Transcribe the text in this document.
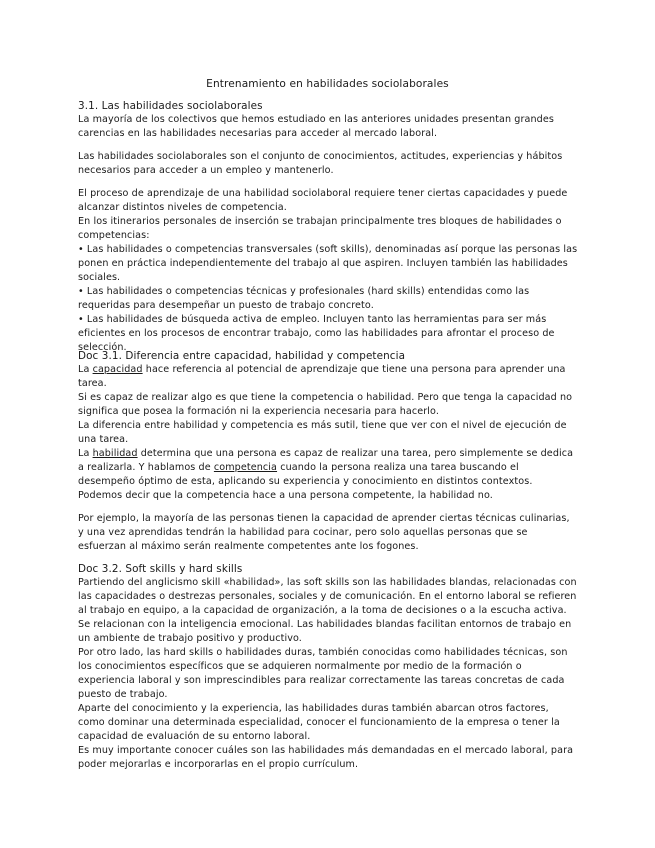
Entrenamiento en habilidades sociolaborales
3.1. Las habilidades sociolaborales

La mayoría de los colectivos que hemos estudiado en las anteriores unidades presentan grandes carencias en las habilidades necesarias para acceder al mercado laboral.

Las habilidades sociolaborales son el conjunto de conocimientos, actitudes, experiencias y hábitos necesarios para acceder a un empleo y mantenerlo.

El proceso de aprendizaje de una habilidad sociolaboral requiere tener ciertas capacidades y puede alcanzar distintos niveles de competencia.

En los itinerarios personales de inserción se trabajan principalmente tres bloques de habilidades o competencias:

• Las habilidades o competencias transversales (soft skills), denominadas así porque las personas las ponen en práctica independientemente del trabajo al que aspiren. Incluyen también las habilidades sociales.

• Las habilidades o competencias técnicas y profesionales (hard skills) entendidas como las requeridas para desempeñar un puesto de trabajo concreto.

• Las habilidades de búsqueda activa de empleo. Incluyen tanto las herramientas para ser más eficientes en los procesos de encontrar trabajo, como las habilidades para afrontar el proceso de selección.

Doc 3.1. Diferencia entre capacidad, habilidad y competencia

La capacidad hace referencia al potencial de aprendizaje que tiene una persona para aprender una tarea.

Si es capaz de realizar algo es que tiene la competencia o habilidad. Pero que tenga la capacidad no significa que posea la formación ni la experiencia necesaria para hacerlo.

La diferencia entre habilidad y competencia es más sutil, tiene que ver con el nivel de ejecución de una tarea.

La habilidad determina que una persona es capaz de realizar una tarea, pero simplemente se dedica a realizarla. Y hablamos de competencia cuando la persona realiza una tarea buscando el desempeño óptimo de esta, aplicando su experiencia y conocimiento en distintos contextos.

Podemos decir que la competencia hace a una persona competente, la habilidad no.

Por ejemplo, la mayoría de las personas tienen la capacidad de aprender ciertas técnicas culinarias, y una vez aprendidas tendrán la habilidad para cocinar, pero solo aquellas personas que se esfuerzan al máximo serán realmente competentes ante los fogones.

Doc 3.2. Soft skills y hard skills

Partiendo del anglicismo skill «habilidad», las soft skills son las habilidades blandas, relacionadas con las capacidades o destrezas personales, sociales y de comunicación. En el entorno laboral se refieren al trabajo en equipo, a la capacidad de organización, a la toma de decisiones o a la escucha activa. Se relacionan con la inteligencia emocional. Las habilidades blandas facilitan entornos de trabajo en un ambiente de trabajo positivo y productivo.

Por otro lado, las hard skills o habilidades duras, también conocidas como habilidades técnicas, son los conocimientos específicos que se adquieren normalmente por medio de la formación o experiencia laboral y son imprescindibles para realizar correctamente las tareas concretas de cada puesto de trabajo.

Aparte del conocimiento y la experiencia, las habilidades duras también abarcan otros factores, como dominar una determinada especialidad, conocer el funcionamiento de la empresa o tener la capacidad de evaluación de su entorno laboral.

Es muy importante conocer cuáles son las habilidades más demandadas en el mercado laboral, para poder mejorarlas e incorporarlas en el propio currículum.
